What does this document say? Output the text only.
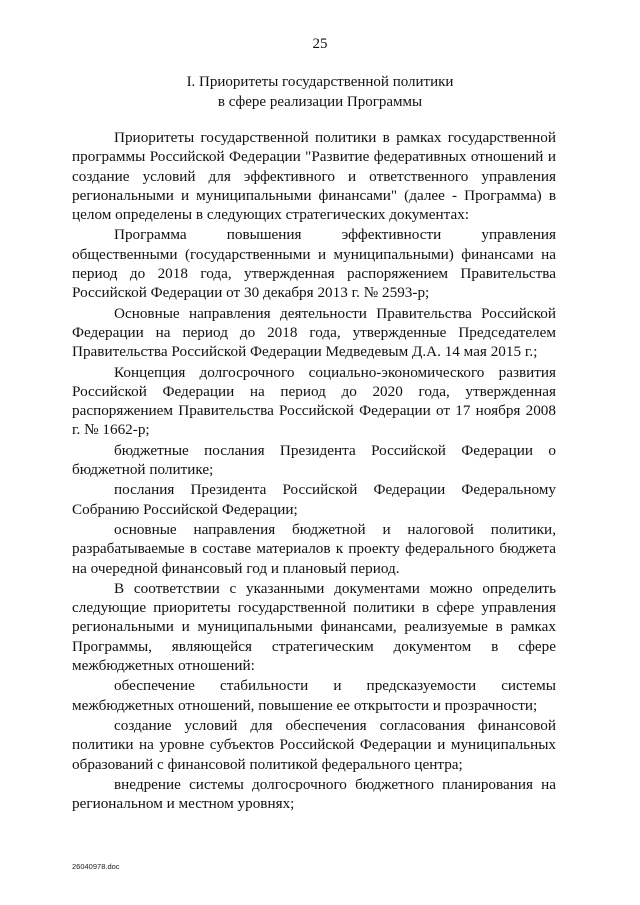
25
I. Приоритеты государственной политики
в сфере реализации Программы

Приоритеты государственной политики в рамках государственной программы Российской Федерации "Развитие федеративных отношений и создание условий для эффективного и ответственного управления региональными и муниципальными финансами" (далее - Программа) в целом определены в следующих стратегических документах:

Программа повышения эффективности управления общественными (государственными и муниципальными) финансами на период до 2018 года, утвержденная распоряжением Правительства Российской Федерации от 30 декабря 2013 г. № 2593-р;

Основные направления деятельности Правительства Российской Федерации на период до 2018 года, утвержденные Председателем Правительства Российской Федерации Медведевым Д.А. 14 мая 2015 г.;

Концепция долгосрочного социально-экономического развития Российской Федерации на период до 2020 года, утвержденная распоряжением Правительства Российской Федерации от 17 ноября 2008 г. № 1662-р;

бюджетные послания Президента Российской Федерации о бюджетной политике;

послания Президента Российской Федерации Федеральному Собранию Российской Федерации;

основные направления бюджетной и налоговой политики, разрабатываемые в составе материалов к проекту федерального бюджета на очередной финансовый год и плановый период.

В соответствии с указанными документами можно определить следующие приоритеты государственной политики в сфере управления региональными и муниципальными финансами, реализуемые в рамках Программы, являющейся стратегическим документом в сфере межбюджетных отношений:

обеспечение стабильности и предсказуемости системы межбюджетных отношений, повышение ее открытости и прозрачности;

создание условий для обеспечения согласования финансовой политики на уровне субъектов Российской Федерации и муниципальных образований с финансовой политикой федерального центра;

внедрение системы долгосрочного бюджетного планирования на региональном и местном уровнях;

26040978.doc
